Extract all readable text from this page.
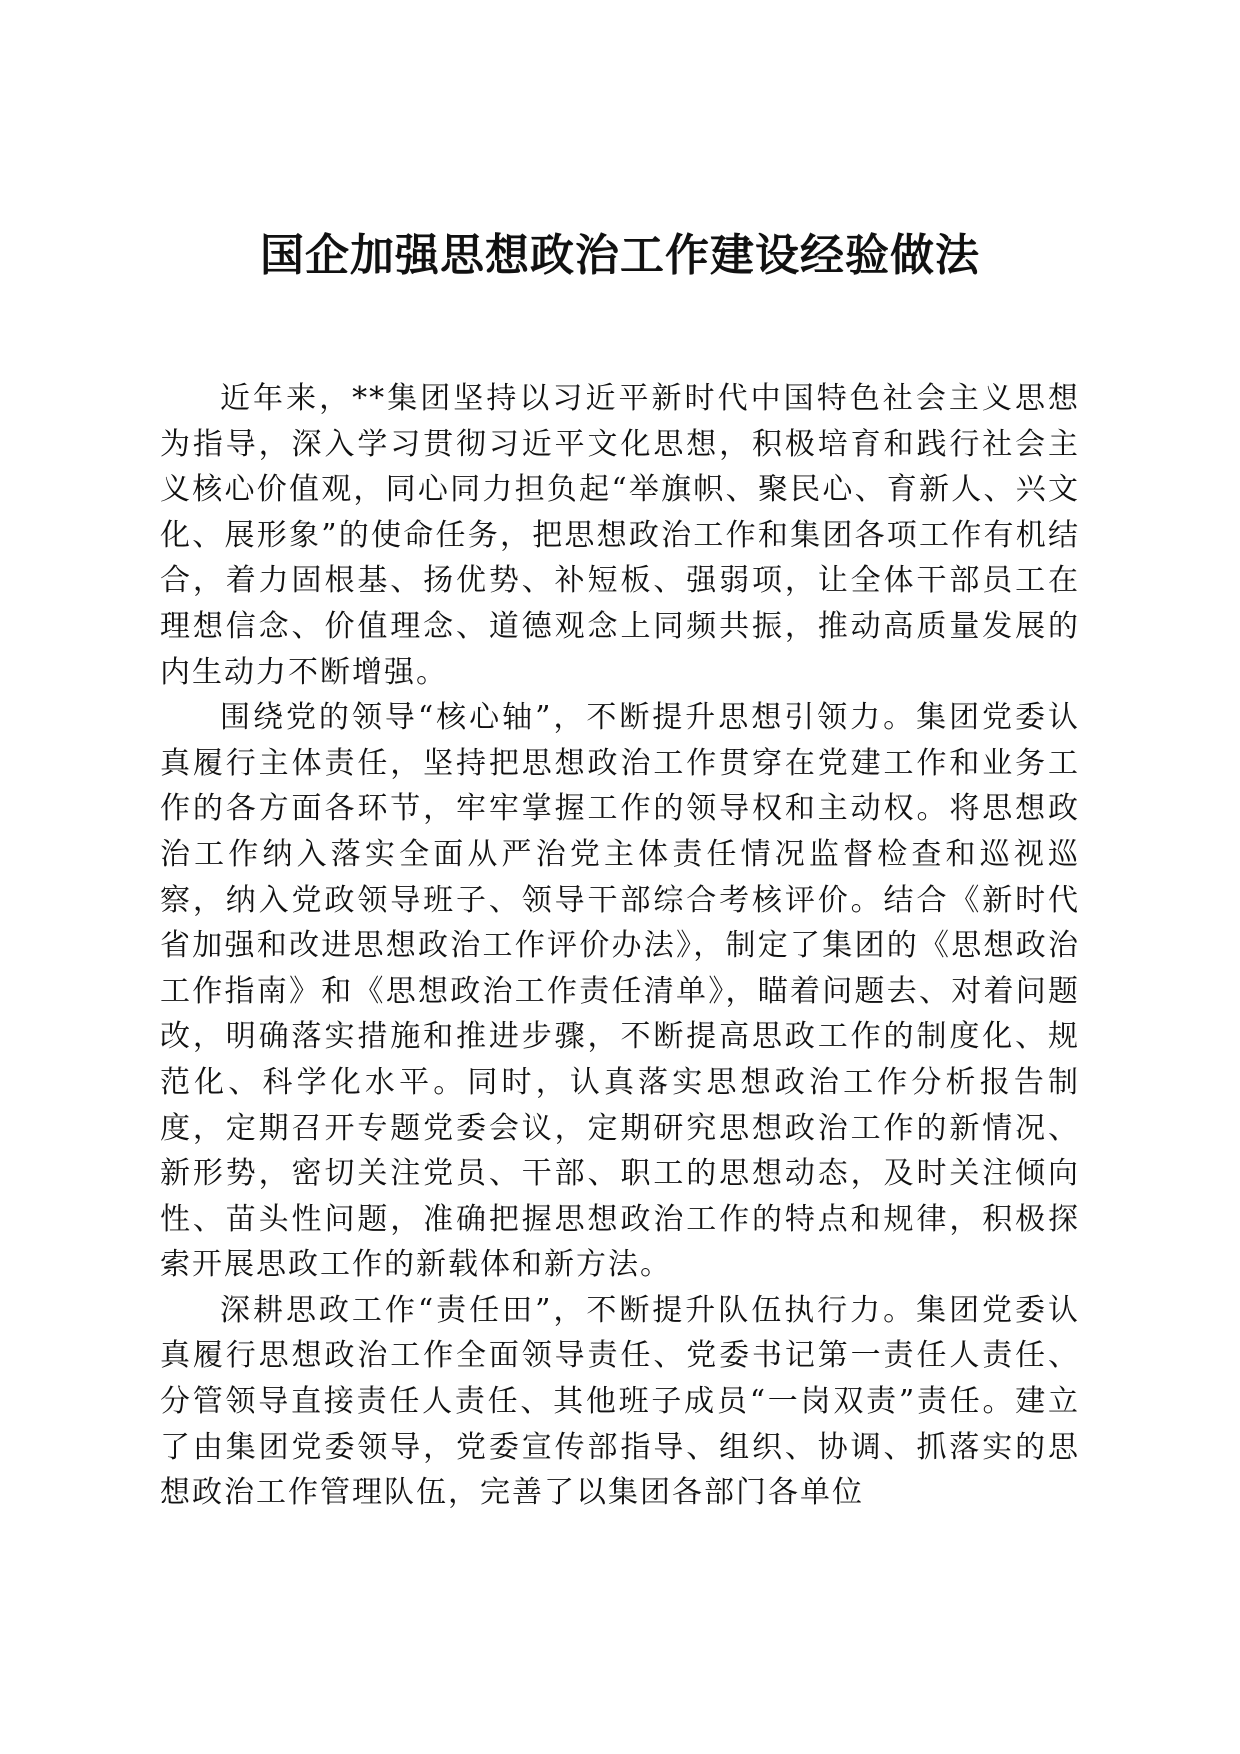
国企加强思想政治工作建设经验做法

近年来，**集团坚持以习近平新时代中国特色社会主义思想为指导，深入学习贯彻习近平文化思想，积极培育和践行社会主义核心价值观，同心同力担负起“举旗帜、聚民心、育新人、兴文化、展形象”的使命任务，把思想政治工作和集团各项工作有机结合，着力固根基、扬优势、补短板、强弱项，让全体干部员工在理想信念、价值理念、道德观念上同频共振，推动高质量发展的内生动力不断增强。

围绕党的领导“核心轴”，不断提升思想引领力。集团党委认真履行主体责任，坚持把思想政治工作贯穿在党建工作和业务工作的各方面各环节，牢牢掌握工作的领导权和主动权。将思想政治工作纳入落实全面从严治党主体责任情况监督检查和巡视巡察，纳入党政领导班子、领导干部综合考核评价。结合《新时代省加强和改进思想政治工作评价办法》，制定了集团的《思想政治工作指南》和《思想政治工作责任清单》，瞄着问题去、对着问题改，明确落实措施和推进步骤，不断提高思政工作的制度化、规范化、科学化水平。同时，认真落实思想政治工作分析报告制度，定期召开专题党委会议，定期研究思想政治工作的新情况、新形势，密切关注党员、干部、职工的思想动态，及时关注倾向性、苗头性问题，准确把握思想政治工作的特点和规律，积极探索开展思政工作的新载体和新方法。

深耕思政工作“责任田”，不断提升队伍执行力。集团党委认真履行思想政治工作全面领导责任、党委书记第一责任人责任、分管领导直接责任人责任、其他班子成员“一岗双责”责任。建立了由集团党委领导，党委宣传部指导、组织、协调、抓落实的思想政治工作管理队伍，完善了以集团各部门各单位
